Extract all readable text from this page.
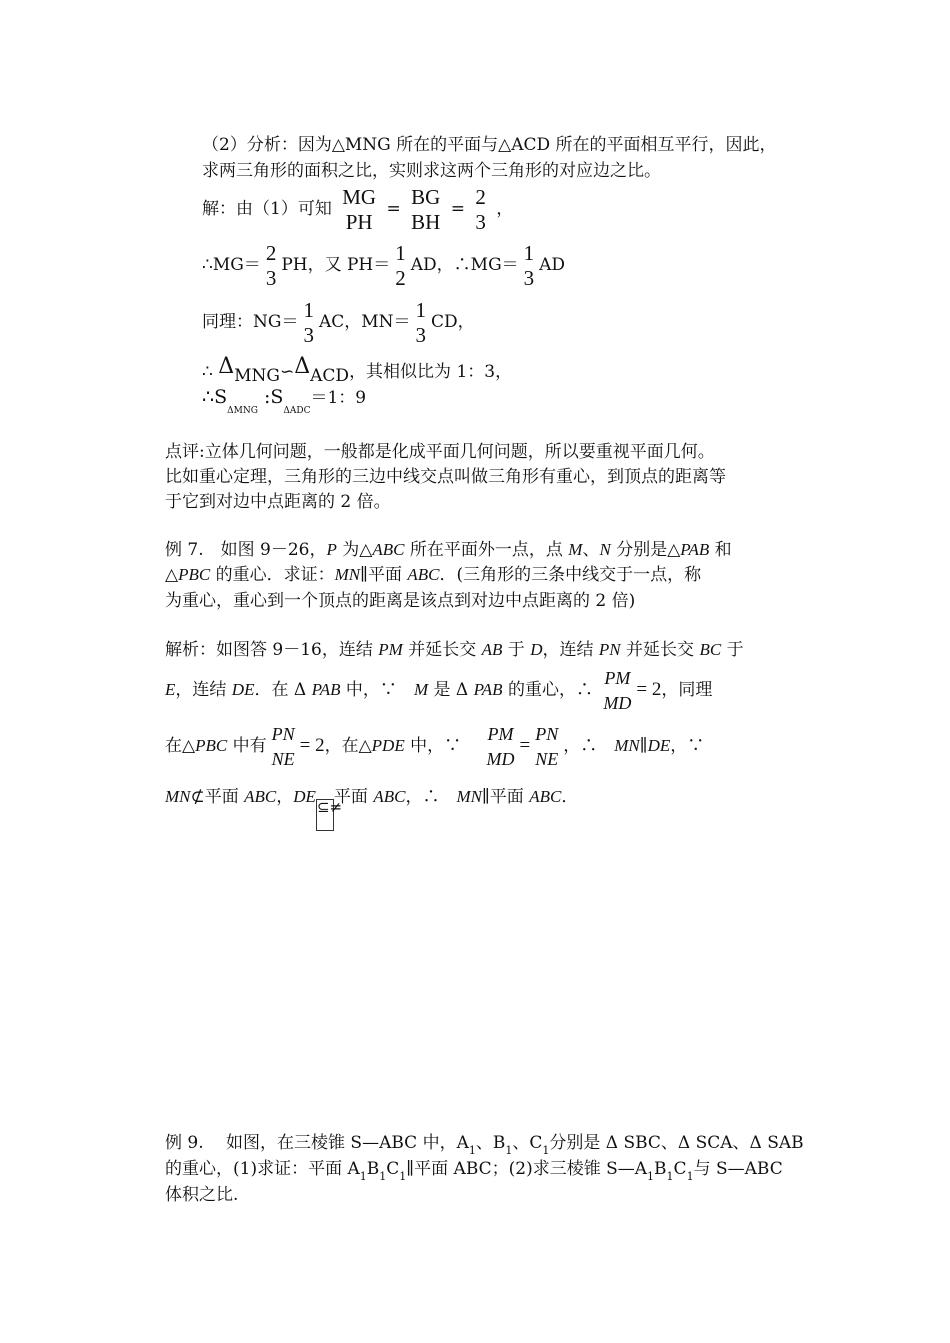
（2）分析：因为△MNG 所在的平面与△ACD 所在的平面相互平行，因此，
求两三角形的面积之比，实则求这两个三角形的对应边之比。
解：由（1）可知
MG
PH
=
BG
BH
=
2
3
，
∴MG＝
2
3
PH，又 PH＝
1
2
AD，∴MG＝
1
3
AD
同理：NG＝
1
3
AC，MN＝
1
3
CD，
∴ ΔMNG∽ΔACD，其相似比为 1：3，
$\therefore S_{\Delta MNG}$ $:S_{\Delta ADC}=1$：9
点评:立体几何问题，一般都是化成平面几何问题，所以要重视平面几何。
比如重心定理，三角形的三边中线交点叫做三角形有重心，到顶点的距离等
于它到对边中点距离的 2 倍。
例 7.　如图 9－26，P 为△ABC 所在平面外一点，点 M、N 分别是△PAB 和
△PBC 的重心．求证：MN∥平面 ABC．(三角形的三条中线交于一点，称
为重心，重心到一个顶点的距离是该点到对边中点距离的 2 倍)
解析：如图答 9－16，连结 PM 并延长交 AB 于 D，连结 PN 并延长交 BC 于
E，连结 DE．在 Δ PAB 中，∵　M 是 Δ PAB 的重心，∴
PM
MD
= 2，同理
在△PBC 中有
PN
NE
= 2，在△PDE 中，∵
PM
MD
=
PN
NE
，∴　MN∥DE，∵
MN⊄平面 ABC，DE⊆≠平面 ABC，∴　MN∥平面 ABC．
例 9.　 如图，在三棱锥 S—ABC 中，$A_1$、$B_1$、$C_1$分别是 Δ SBC、Δ SCA、Δ SAB
的重心，(1)求证：平面 $A_1B_1C_1\parallel$平面 ABC；(2)求三棱锥 $S—A_1B_1C_1$与 S—ABC
体积之比.
